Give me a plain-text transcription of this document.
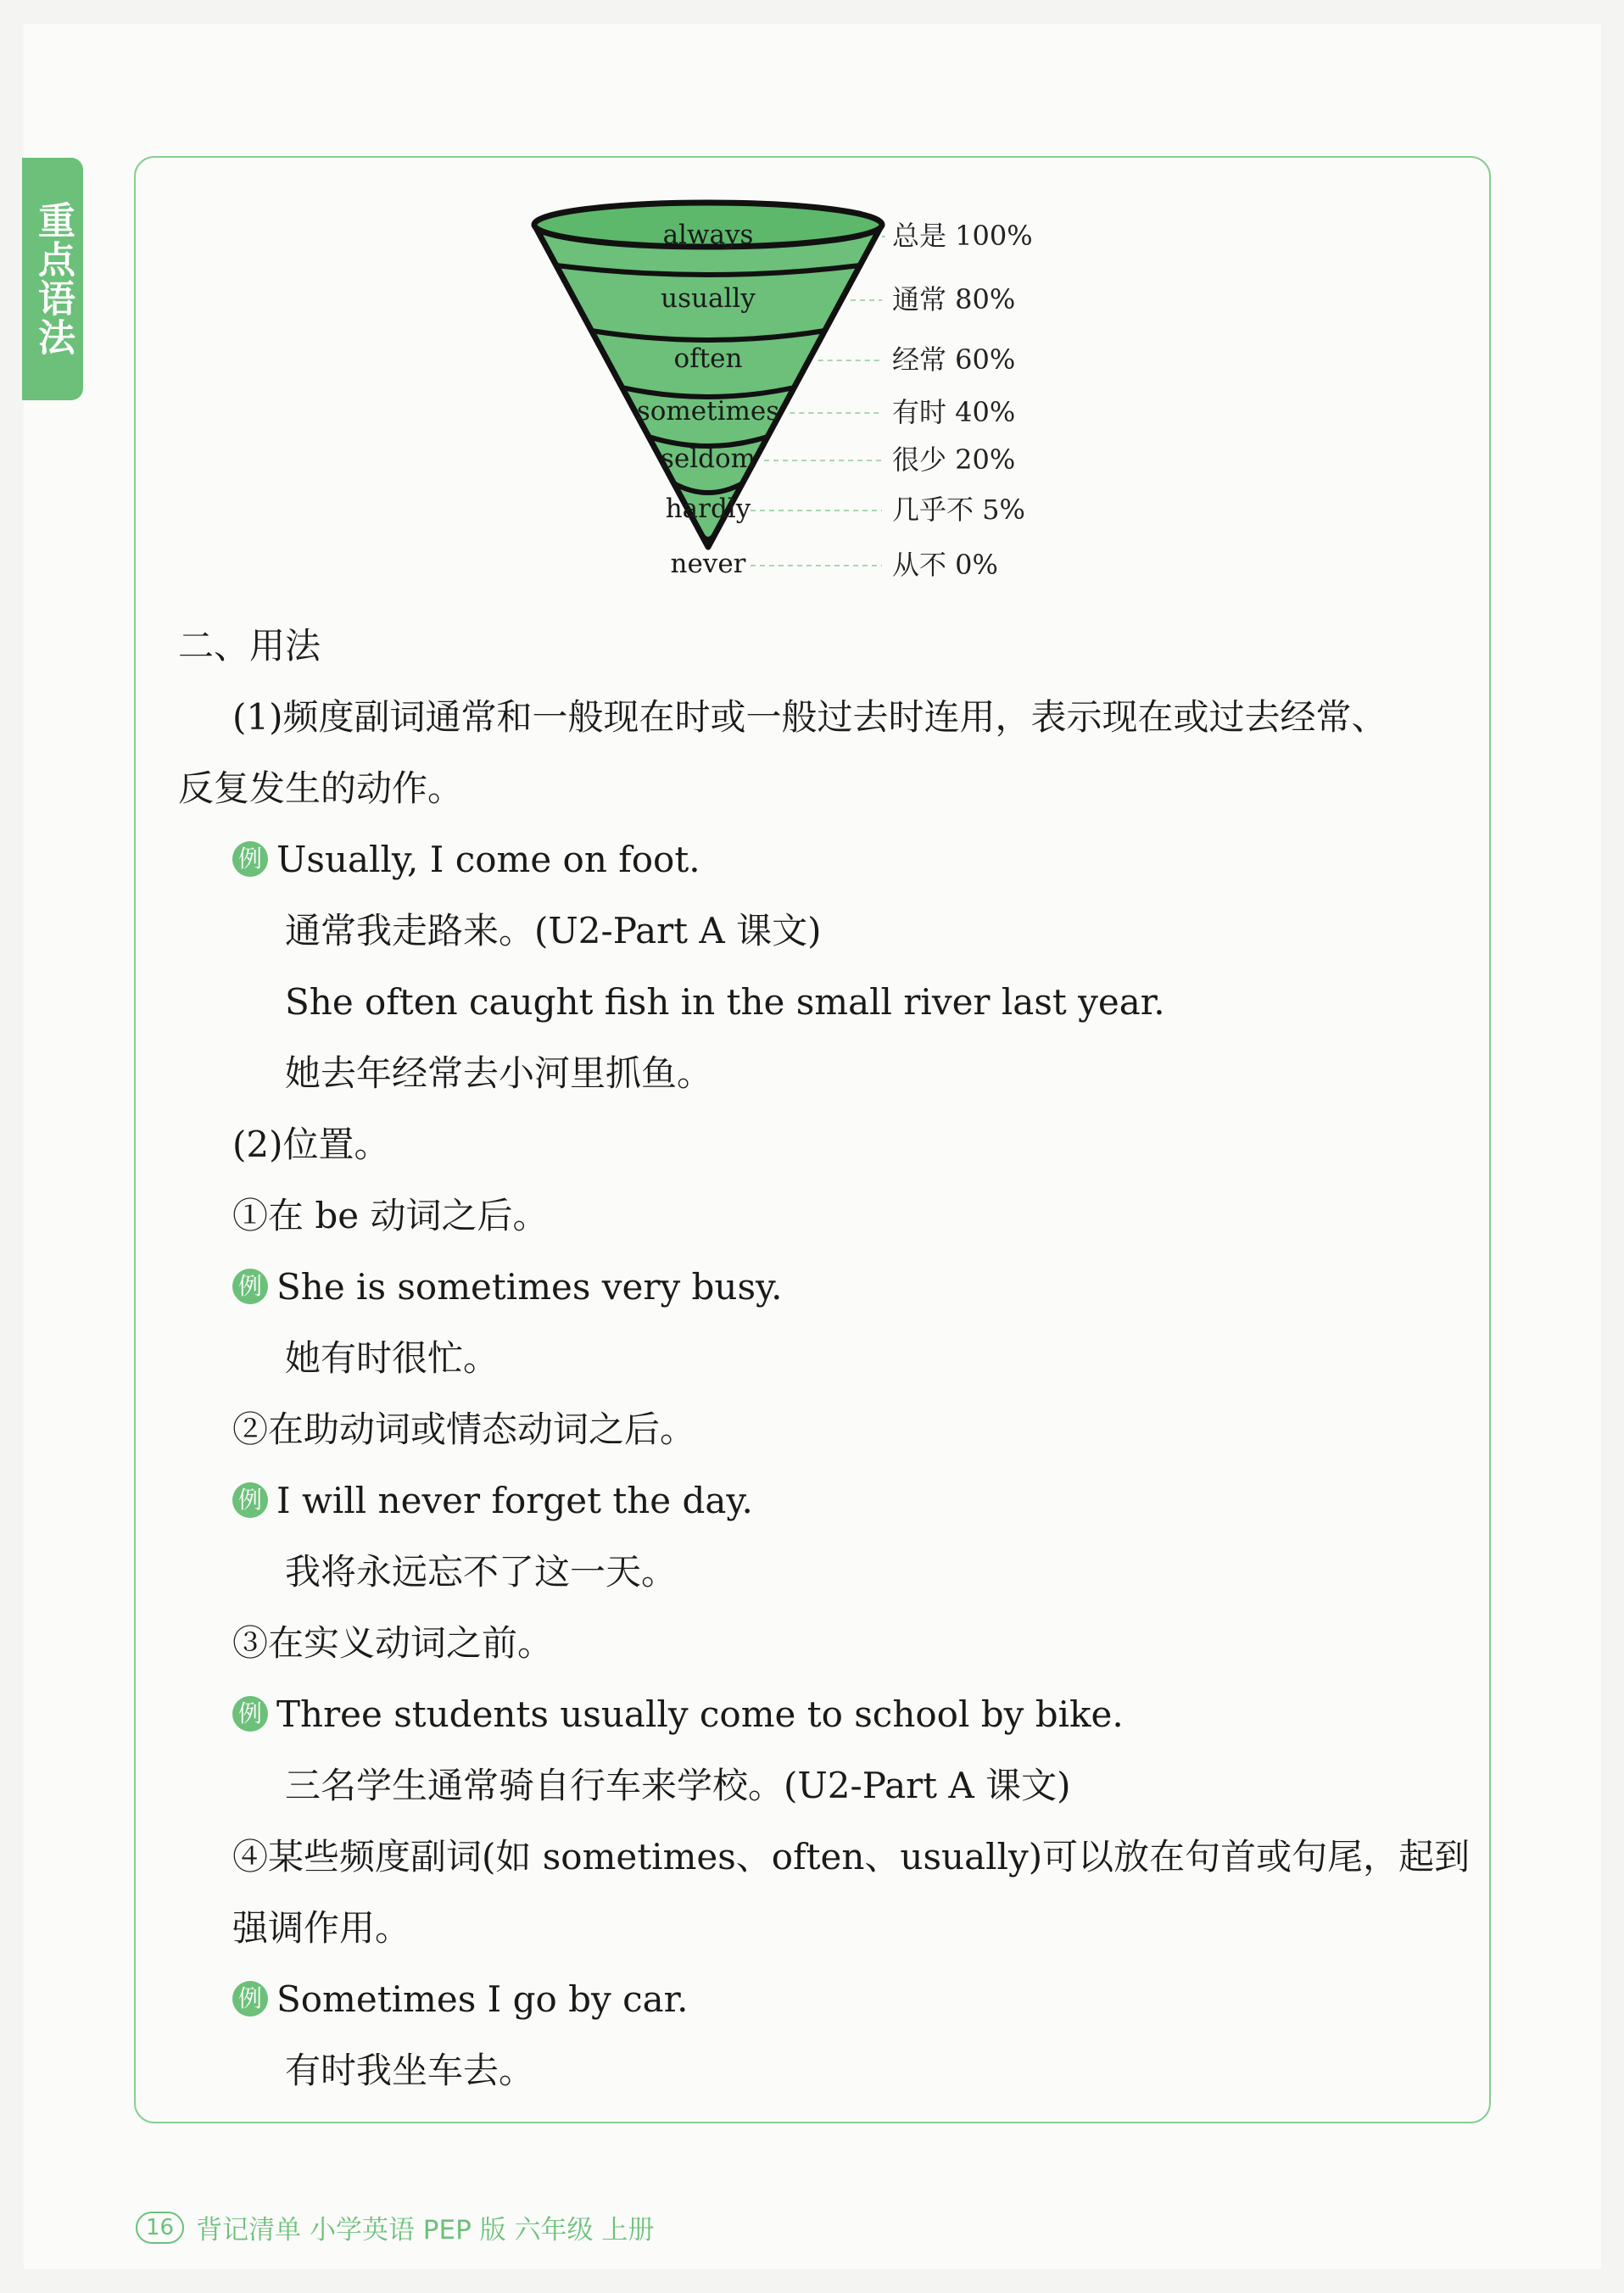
重点语法	always	总是 100%
usually	通常 80%
often	经常 60%
sometimes	有时 40%
seldom	很少 20%
hardly	几乎不 5%
never	从不 0%
二、用法
(1)频度副词通常和一般现在时或一般过去时连用，表示现在或过去经常、
反复发生的动作。
例 Usually, I come on foot.
通常我走路来。(U2-Part A 课文)
She often caught fish in the small river last year.
她去年经常去小河里抓鱼。
(2)位置。
①在 be 动词之后。
例 She is sometimes very busy.
她有时很忙。
②在助动词或情态动词之后。
例 I will never forget the day.
我将永远忘不了这一天。
③在实义动词之前。
例 Three students usually come to school by bike.
三名学生通常骑自行车来学校。(U2-Part A 课文)
④某些频度副词(如 sometimes、often、usually)可以放在句首或句尾，起到
强调作用。
例 Sometimes I go by car.
有时我坐车去。
16 背记清单 小学英语 PEP 版 六年级 上册
